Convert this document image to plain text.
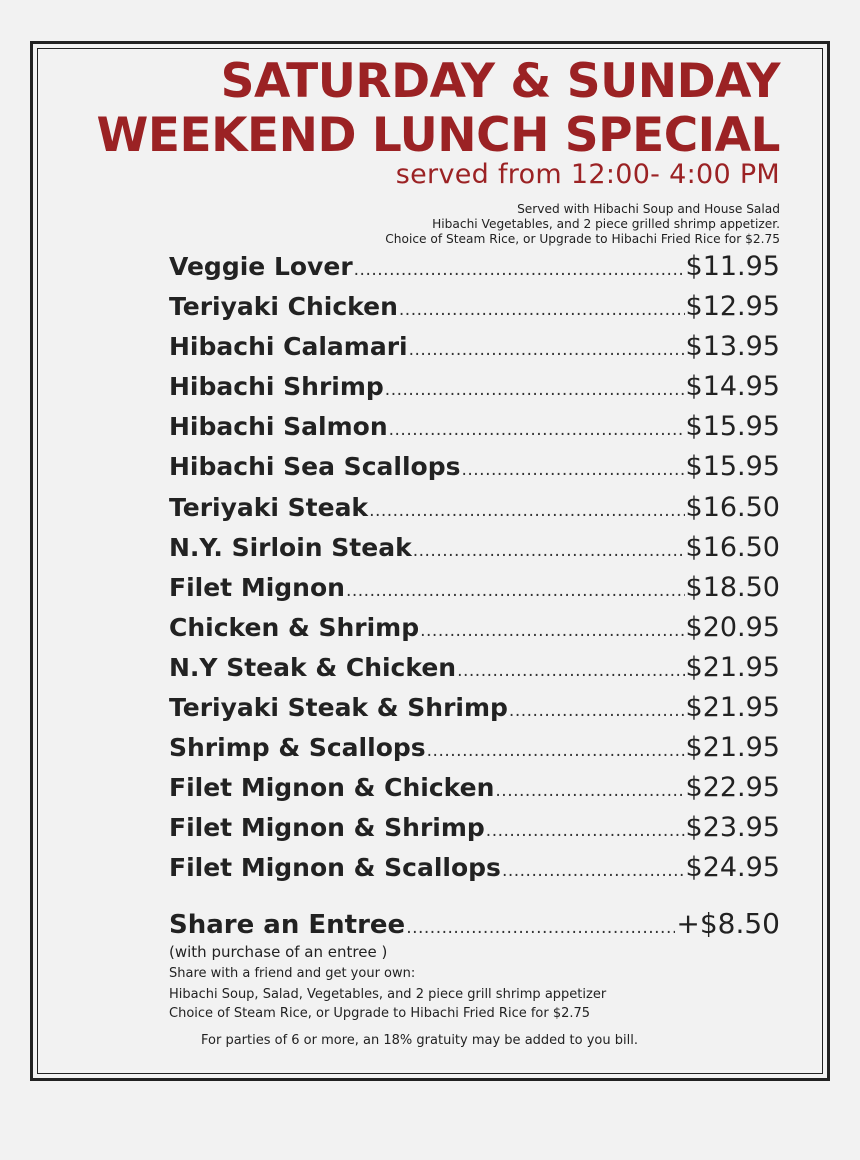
SATURDAY & SUNDAY
WEEKEND LUNCH SPECIAL
served from 12:00- 4:00 PM
Served with Hibachi Soup and House Salad
Hibachi Vegetables, and 2 piece grilled shrimp appetizer.
Choice of Steam Rice, or Upgrade to Hibachi Fried Rice for $2.75
Veggie Lover .....	$11.95
Teriyaki Chicken .....	$12.95
Hibachi Calamari .....	$13.95
Hibachi Shrimp .....	$14.95
Hibachi Salmon .....	$15.95
Hibachi Sea Scallops .....	$15.95
Teriyaki Steak .....	$16.50
N.Y. Sirloin Steak .....	$16.50
Filet Mignon .....	$18.50
Chicken & Shrimp .....	$20.95
N.Y Steak & Chicken .....	$21.95
Teriyaki Steak & Shrimp .....	$21.95
Shrimp & Scallops .....	$21.95
Filet Mignon & Chicken .....	$22.95
Filet Mignon & Shrimp .....	$23.95
Filet Mignon & Scallops .....	$24.95
Share an Entree .....	+$8.50
(with purchase of an entree )
Share with a friend and get your own:
Hibachi Soup, Salad, Vegetables, and 2 piece grill shrimp appetizer
Choice of Steam Rice, or Upgrade to Hibachi Fried Rice for $2.75
For parties of 6 or more, an 18% gratuity may be added to you bill.
